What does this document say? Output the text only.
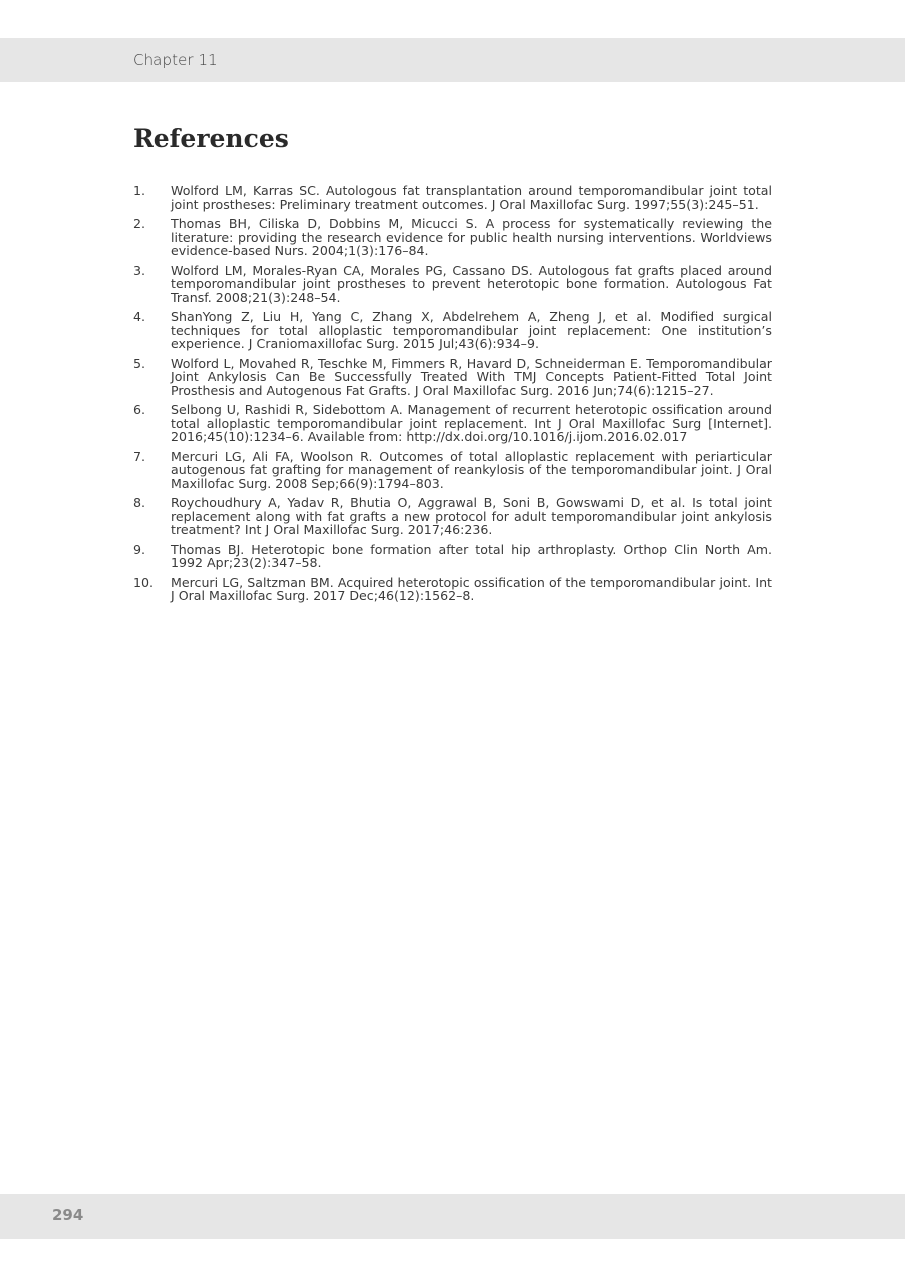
Chapter 11
References
1. Wolford LM, Karras SC. Autologous fat transplantation around temporomandibular joint total joint prostheses: Preliminary treatment outcomes. J Oral Maxillofac Surg. 1997;55(3):245–51.
2. Thomas BH, Ciliska D, Dobbins M, Micucci S. A process for systematically reviewing the literature: providing the research evidence for public health nursing interventions. Worldviews evidence-based Nurs. 2004;1(3):176–84.
3. Wolford LM, Morales-Ryan CA, Morales PG, Cassano DS. Autologous fat grafts placed around temporomandibular joint prostheses to prevent heterotopic bone formation. Autologous Fat Transf. 2008;21(3):248–54.
4. ShanYong Z, Liu H, Yang C, Zhang X, Abdelrehem A, Zheng J, et al. Modified surgical techniques for total alloplastic temporomandibular joint replacement: One institution’s experience. J Craniomaxillofac Surg. 2015 Jul;43(6):934–9.
5. Wolford L, Movahed R, Teschke M, Fimmers R, Havard D, Schneiderman E. Temporomandibular Joint Ankylosis Can Be Successfully Treated With TMJ Concepts Patient-Fitted Total Joint Prosthesis and Autogenous Fat Grafts. J Oral Maxillofac Surg. 2016 Jun;74(6):1215–27.
6. Selbong U, Rashidi R, Sidebottom A. Management of recurrent heterotopic ossification around total alloplastic temporomandibular joint replacement. Int J Oral Maxillofac Surg [Internet]. 2016;45(10):1234–6. Available from: http://dx.doi.org/10.1016/j.ijom.2016.02.017
7. Mercuri LG, Ali FA, Woolson R. Outcomes of total alloplastic replacement with periarticular autogenous fat grafting for management of reankylosis of the temporomandibular joint. J Oral Maxillofac Surg. 2008 Sep;66(9):1794–803.
8. Roychoudhury A, Yadav R, Bhutia O, Aggrawal B, Soni B, Gowswami D, et al. Is total joint replacement along with fat grafts a new protocol for adult temporomandibular joint ankylosis treatment? Int J Oral Maxillofac Surg. 2017;46:236.
9. Thomas BJ. Heterotopic bone formation after total hip arthroplasty. Orthop Clin North Am. 1992 Apr;23(2):347–58.
10. Mercuri LG, Saltzman BM. Acquired heterotopic ossification of the temporomandibular joint. Int J Oral Maxillofac Surg. 2017 Dec;46(12):1562–8.
294
